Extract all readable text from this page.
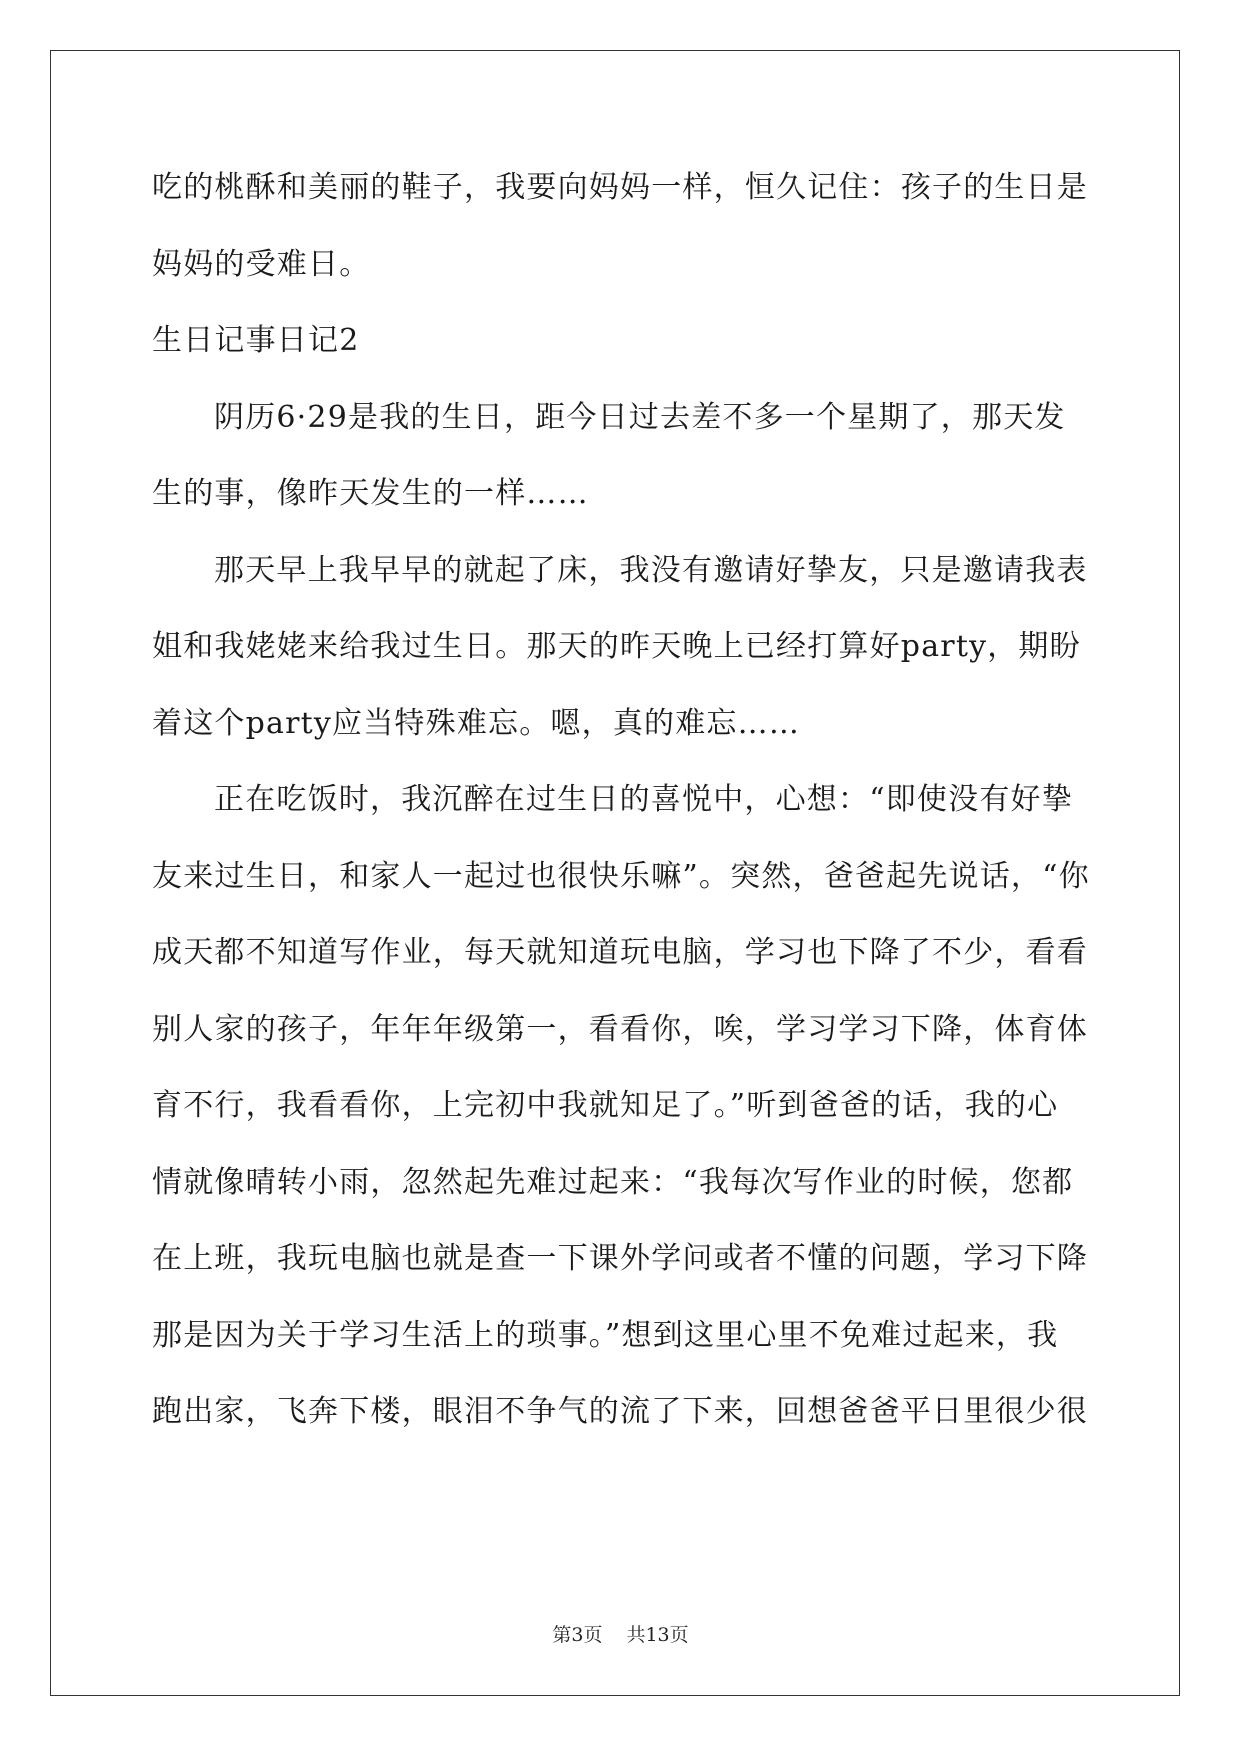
吃的桃酥和美丽的鞋子，我要向妈妈一样，恒久记住：孩子的生日是
妈妈的受难日。
生日记事日记2
阴历6·29是我的生日，距今日过去差不多一个星期了，那天发
生的事，像昨天发生的一样……
那天早上我早早的就起了床，我没有邀请好挚友，只是邀请我表
姐和我姥姥来给我过生日。那天的昨天晚上已经打算好party，期盼
着这个party应当特殊难忘。嗯，真的难忘……
正在吃饭时，我沉醉在过生日的喜悦中，心想：“即使没有好挚
友来过生日，和家人一起过也很快乐嘛”。突然，爸爸起先说话，“你
成天都不知道写作业，每天就知道玩电脑，学习也下降了不少，看看
别人家的孩子，年年年级第一，看看你，唉，学习学习下降，体育体
育不行，我看看你，上完初中我就知足了。”听到爸爸的话，我的心
情就像晴转小雨，忽然起先难过起来：“我每次写作业的时候，您都
在上班，我玩电脑也就是查一下课外学问或者不懂的问题，学习下降
那是因为关于学习生活上的琐事。”想到这里心里不免难过起来，我
跑出家，飞奔下楼，眼泪不争气的流了下来，回想爸爸平日里很少很
第3页 共13页
